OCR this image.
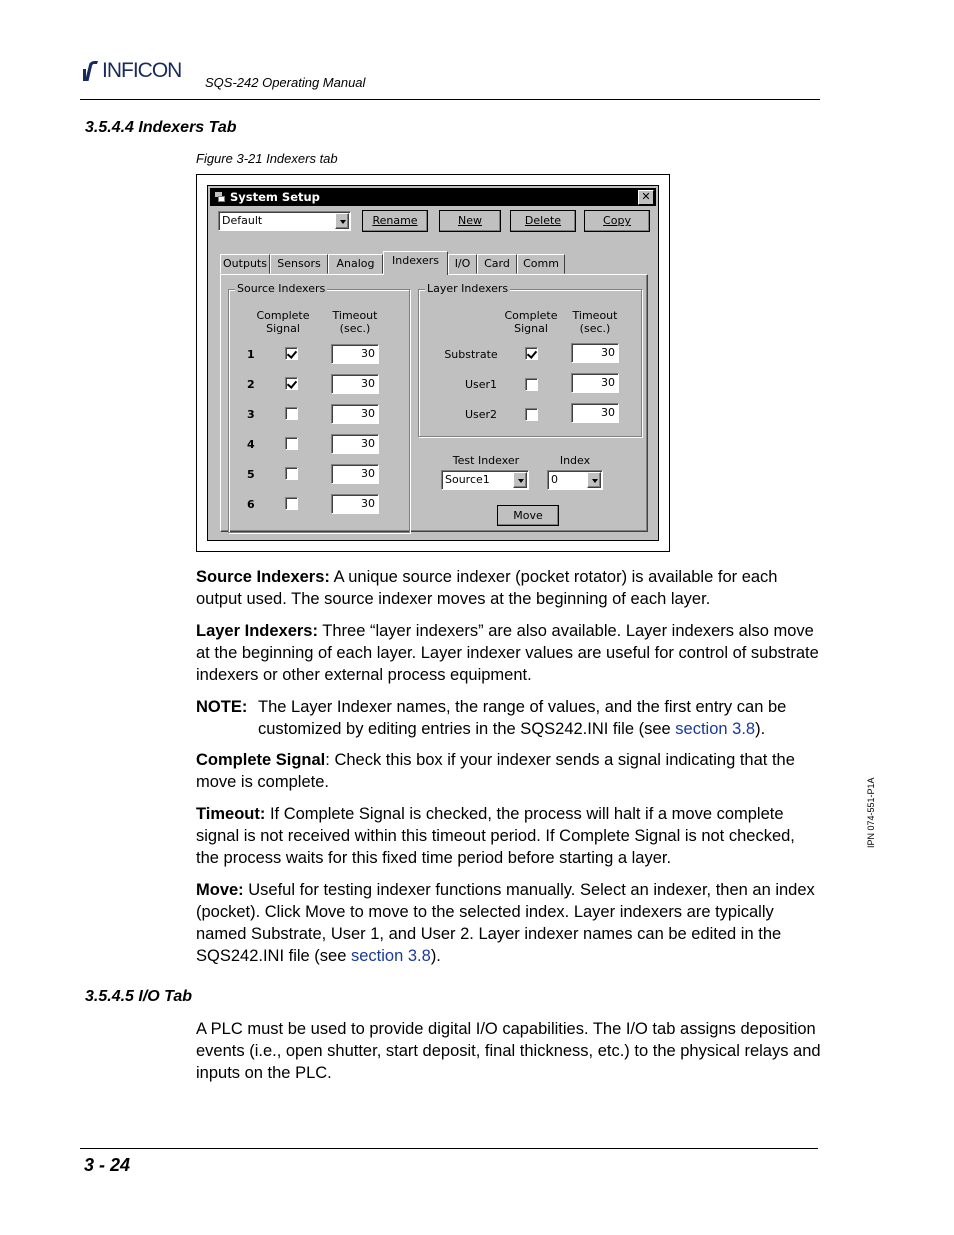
INFICON
SQS-242 Operating Manual
3.5.4.4 Indexers Tab
Figure 3-21 Indexers tab
System Setup	✕
Default	Rename	New	Delete	Copy
Outputs Sensors	Analog	Indexers	I/O	Card	Comm
Source Indexers
Complete Signal
Timeout (sec.)
1	30
2	30
3	30
4	30
5	30
6	30
Layer Indexers
Complete Signal
Timeout (sec.)
Substrate	30
User1	30
User2	30
Test Indexer	Index
Source1	0
Move
Source Indexers: A unique source indexer (pocket rotator) is available for each output used. The source indexer moves at the beginning of each layer.
Layer Indexers: Three “layer indexers” are also available. Layer indexers also move at the beginning of each layer. Layer indexer values are useful for control of substrate indexers or other external process equipment.
NOTE: The Layer Indexer names, the range of values, and the first entry can be customized by editing entries in the SQS242.INI file (see section 3.8).
Complete Signal: Check this box if your indexer sends a signal indicating that the move is complete.
Timeout: If Complete Signal is checked, the process will halt if a move complete signal is not received within this timeout period. If Complete Signal is not checked, the process waits for this fixed time period before starting a layer.
Move: Useful for testing indexer functions manually. Select an indexer, then an index (pocket). Click Move to move to the selected index. Layer indexers are typically named Substrate, User 1, and User 2. Layer indexer names can be edited in the SQS242.INI file (see section 3.8).
3.5.4.5 I/O Tab
A PLC must be used to provide digital I/O capabilities. The I/O tab assigns deposition events (i.e., open shutter, start deposit, final thickness, etc.) to the physical relays and inputs on the PLC.
3 - 24
IPN 074-551-P1A
